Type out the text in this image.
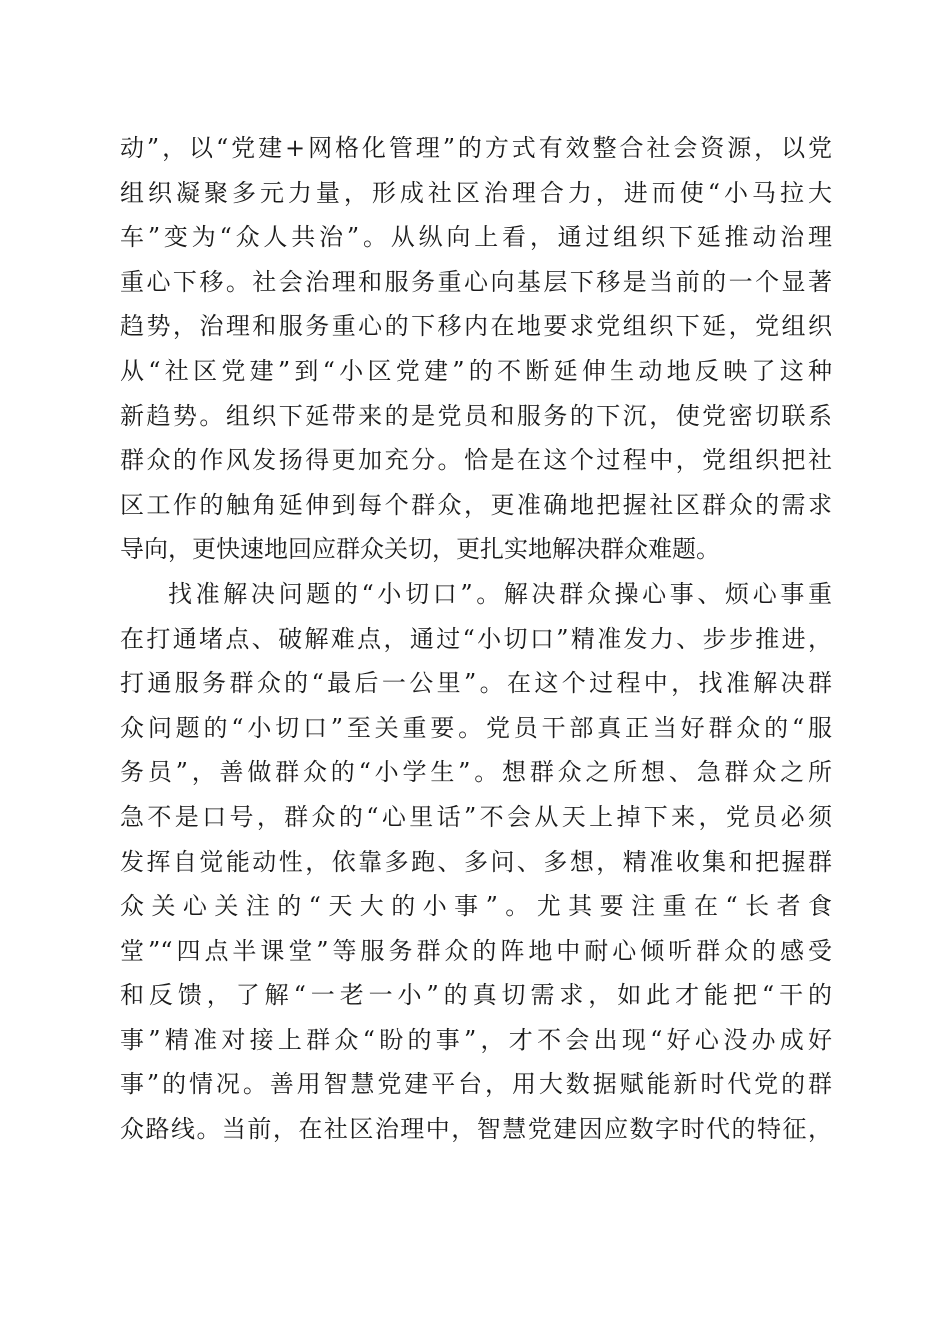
动”，以“党建+网格化管理”的方式有效整合社会资源，以党
组织凝聚多元力量，形成社区治理合力，进而使“小马拉大
车”变为“众人共治”。从纵向上看，通过组织下延推动治理
重心下移。社会治理和服务重心向基层下移是当前的一个显著
趋势，治理和服务重心的下移内在地要求党组织下延，党组织
从“社区党建”到“小区党建”的不断延伸生动地反映了这种
新趋势。组织下延带来的是党员和服务的下沉，使党密切联系
群众的作风发扬得更加充分。恰是在这个过程中，党组织把社
区工作的触角延伸到每个群众，更准确地把握社区群众的需求
导向，更快速地回应群众关切，更扎实地解决群众难题。
找准解决问题的“小切口”。解决群众操心事、烦心事重
在打通堵点、破解难点，通过“小切口”精准发力、步步推进，
打通服务群众的“最后一公里”。在这个过程中，找准解决群
众问题的“小切口”至关重要。党员干部真正当好群众的“服
务员”，善做群众的“小学生”。想群众之所想、急群众之所
急不是口号，群众的“心里话”不会从天上掉下来，党员必须
发挥自觉能动性，依靠多跑、多问、多想，精准收集和把握群
众关心关注的“天大的小事”。尤其要注重在“长者食
堂”“四点半课堂”等服务群众的阵地中耐心倾听群众的感受
和反馈，了解“一老一小”的真切需求，如此才能把“干的
事”精准对接上群众“盼的事”，才不会出现“好心没办成好
事”的情况。善用智慧党建平台，用大数据赋能新时代党的群
众路线。当前，在社区治理中，智慧党建因应数字时代的特征，
